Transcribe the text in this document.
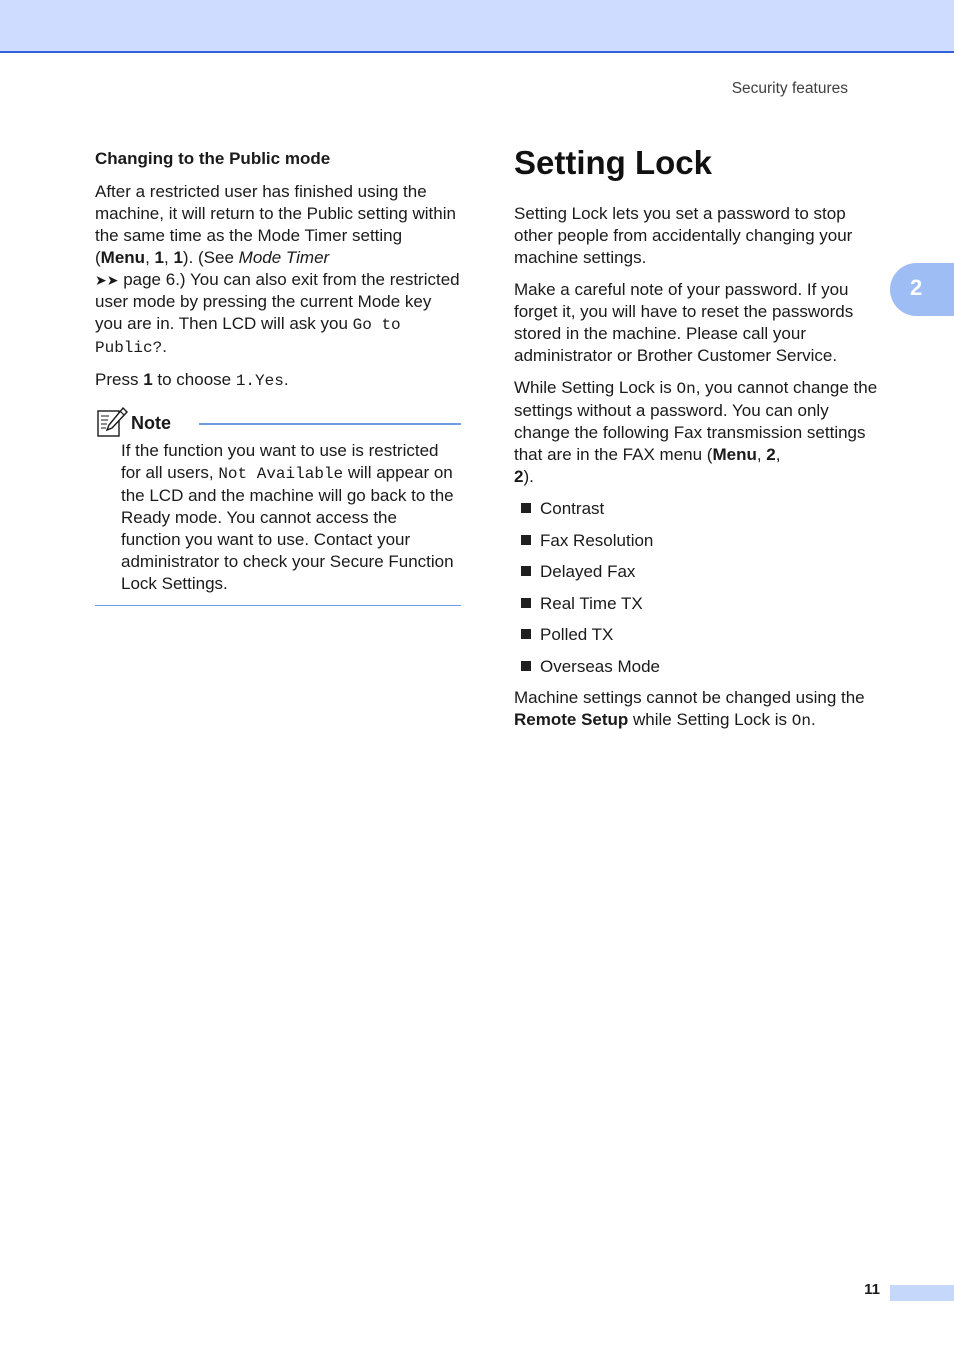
Security features
2
Changing to the Public mode

After a restricted user has finished using the machine, it will return to the Public setting within the same time as the Mode Timer setting (Menu, 1, 1). (See Mode Timer
➤➤ page 6.) You can also exit from the restricted user mode by pressing the current Mode key you are in. Then LCD will ask you Go to Public?.

Press 1 to choose 1.Yes.

Note

If the function you want to use is restricted for all users, Not Available will appear on the LCD and the machine will go back to the Ready mode. You cannot access the function you want to use. Contact your administrator to check your Secure Function Lock Settings.

Setting Lock

Setting Lock lets you set a password to stop other people from accidentally changing your machine settings.

Make a careful note of your password. If you forget it, you will have to reset the passwords stored in the machine. Please call your administrator or Brother Customer Service.

While Setting Lock is On, you cannot change the settings without a password. You can only change the following Fax transmission settings that are in the FAX menu (Menu, 2,
2).

Contrast
Fax Resolution
Delayed Fax
Real Time TX
Polled TX
Overseas Mode

Machine settings cannot be changed using the Remote Setup while Setting Lock is On.

11
